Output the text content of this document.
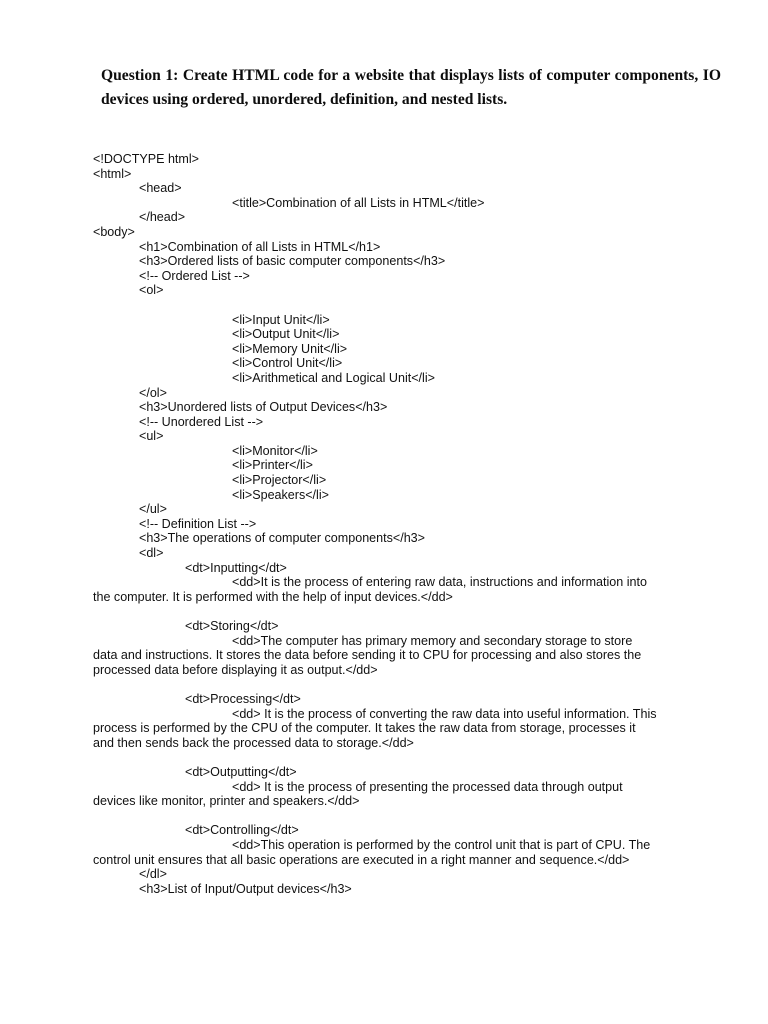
Question 1: Create HTML code for a website that displays lists of computer components, IO devices using ordered, unordered, definition, and nested lists.
<!DOCTYPE html>
<html>
<head>
<title>Combination of all Lists in HTML</title>
</head>
<body>
<h1>Combination of all Lists in HTML</h1>
<h3>Ordered lists of basic computer components</h3>
<!-- Ordered List -->
<ol>
<li>Input Unit</li>
<li>Output Unit</li>
<li>Memory Unit</li>
<li>Control Unit</li>
<li>Arithmetical and Logical Unit</li>
</ol>
<h3>Unordered lists of Output Devices</h3>
<!-- Unordered List -->
<ul>
<li>Monitor</li>
<li>Printer</li>
<li>Projector</li>
<li>Speakers</li>
</ul>
<!-- Definition List -->
<h3>The operations of computer components</h3>
<dl>
<dt>Inputting</dt>
<dd>It is the process of entering raw data, instructions and information into
the computer. It is performed with the help of input devices.</dd>
<dt>Storing</dt>
<dd>The computer has primary memory and secondary storage to store
data and instructions. It stores the data before sending it to CPU for processing and also stores the
processed data before displaying it as output.</dd>
<dt>Processing</dt>
<dd> It is the process of converting the raw data into useful information. This
process is performed by the CPU of the computer. It takes the raw data from storage, processes it
and then sends back the processed data to storage.</dd>
<dt>Outputting</dt>
<dd> It is the process of presenting the processed data through output
devices like monitor, printer and speakers.</dd>
<dt>Controlling</dt>
<dd>This operation is performed by the control unit that is part of CPU. The
control unit ensures that all basic operations are executed in a right manner and sequence.</dd>
</dl>
<h3>List of Input/Output devices</h3>
